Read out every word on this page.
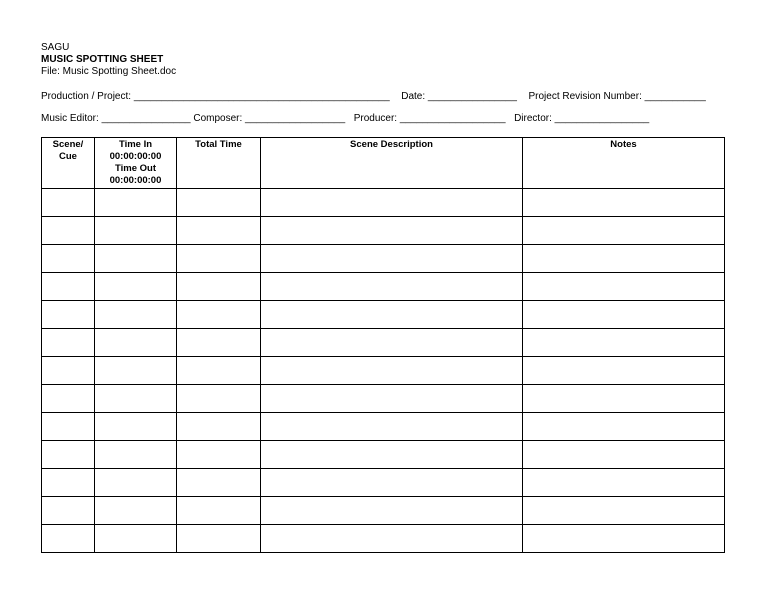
SAGU
MUSIC SPOTTING SHEET
File: Music Spotting Sheet.doc
Production / Project: ______________________________________________ Date: ________________ Project Revision Number: ___________
Music Editor: ________________ Composer: __________________ Producer: ___________________ Director: _________________
Scene/
Cue	Time In
00:00:00:00
Time Out
00:00:00:00	Total Time	Scene Description	Notes
